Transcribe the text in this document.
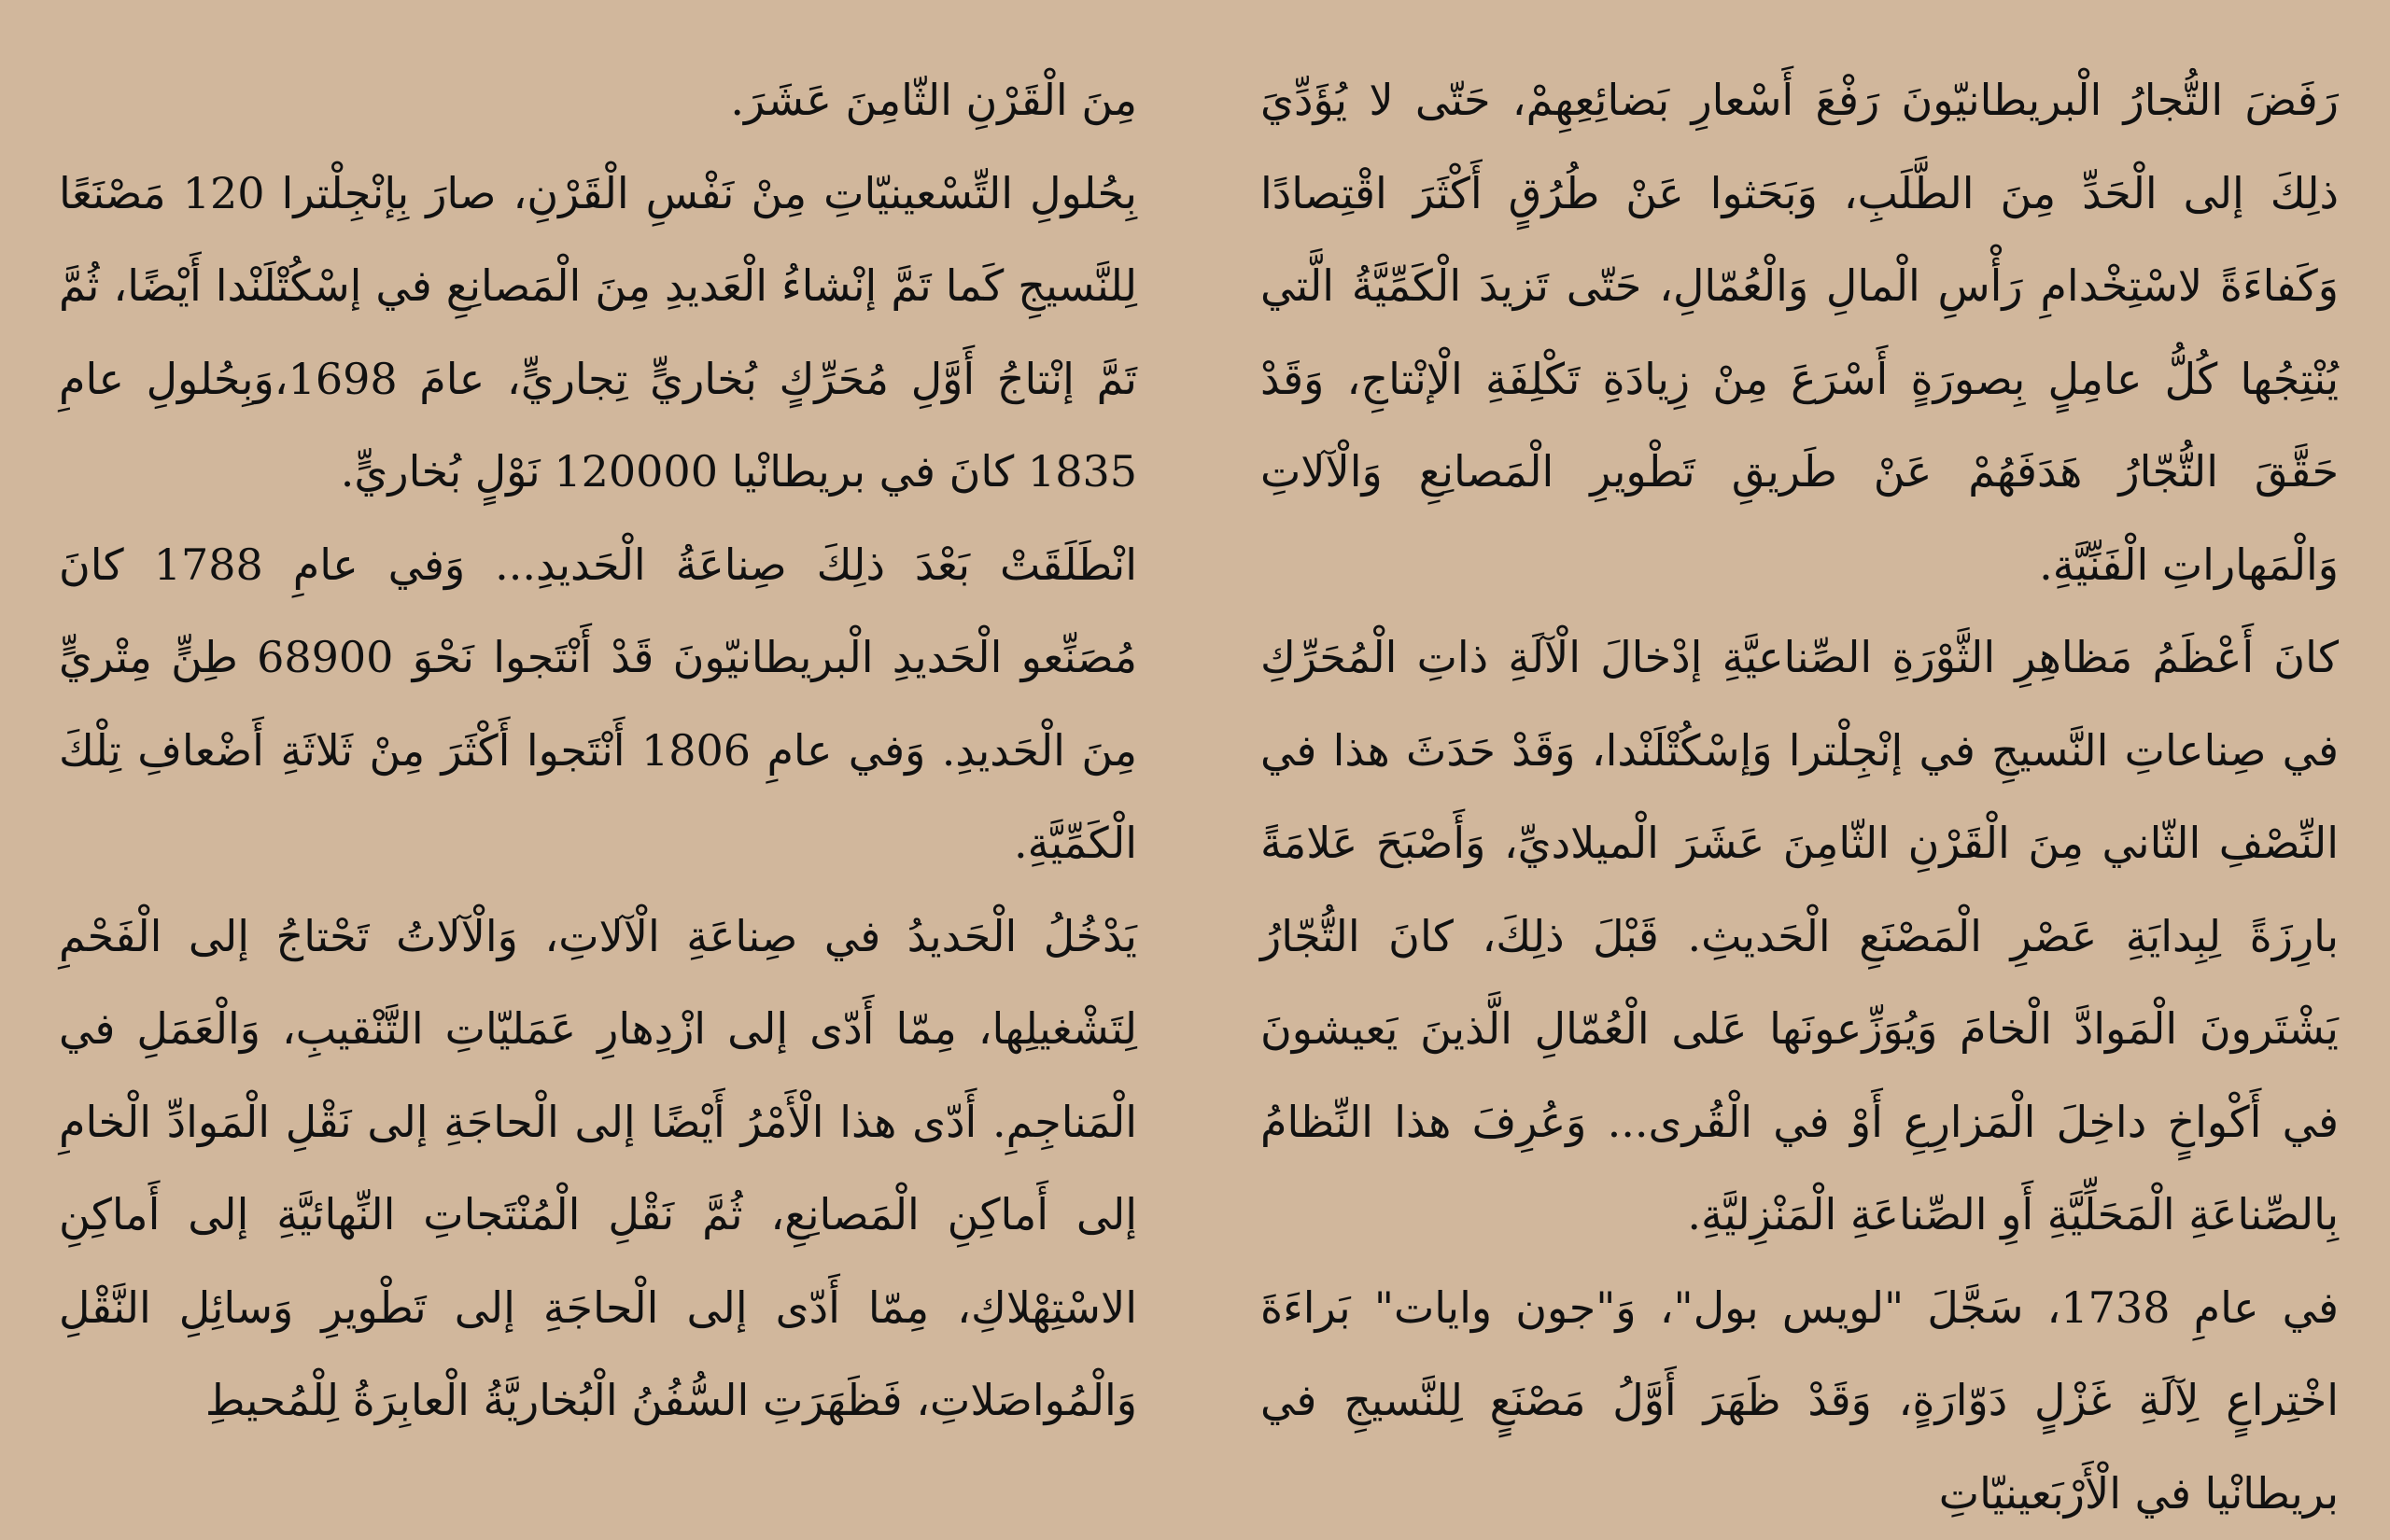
رَفَضَ التُّجارُ الْبريطانيّونَ رَفْعَ أَسْعارِ بَضائِعِهِمْ، حَتّى لا يُؤَدِّيَ ذلِكَ إلى الْحَدِّ مِنَ الطَّلَبِ، وَبَحَثوا عَنْ طُرُقٍ أَكْثَرَ اقْتِصادًا وَكَفاءَةً لاسْتِخْدامِ رَأْسِ الْمالِ وَالْعُمّالِ، حَتّى تَزيدَ الْكَمِّيَّةُ الَّتي يُنْتِجُها كُلُّ عامِلٍ بِصورَةٍ أَسْرَعَ مِنْ زِيادَةِ تَكْلِفَةِ الْإنْتاجِ، وَقَدْ حَقَّقَ التُّجّارُ هَدَفَهُمْ عَنْ طَريقِ تَطْويرِ الْمَصانِعِ وَالْآلاتِ وَالْمَهاراتِ الْفَنِّيَّةِ.

كانَ أَعْظَمُ مَظاهِرِ الثَّوْرَةِ الصِّناعيَّةِ إدْخالَ الْآلَةِ ذاتِ الْمُحَرِّكِ في صِناعاتِ النَّسيجِ في إنْجِلْترا وَإسْكُتْلَنْدا، وَقَدْ حَدَثَ هذا في النِّصْفِ الثّاني مِنَ الْقَرْنِ الثّامِنَ عَشَرَ الْميلاديِّ، وَأَصْبَحَ عَلامَةً بارِزَةً لِبِدايَةِ عَصْرِ الْمَصْنَعِ الْحَديثِ. قَبْلَ ذلِكَ، كانَ التُّجّارُ يَشْتَرونَ الْمَوادَّ الْخامَ وَيُوَزِّعونَها عَلى الْعُمّالِ الَّذينَ يَعيشونَ في أَكْواخٍ داخِلَ الْمَزارِعِ أَوْ في الْقُرى... وَعُرِفَ هذا النِّظامُ بِالصِّناعَةِ الْمَحَلِّيَّةِ أَوِ الصِّناعَةِ الْمَنْزِليَّةِ.

في عامِ 1738، سَجَّلَ "لويس بول"، وَ"جون وايات" بَراءَةَ اخْتِراعٍ لِآلَةِ غَزْلٍ دَوّارَةٍ، وَقَدْ ظَهَرَ أَوَّلُ مَصْنَعٍ لِلنَّسيجِ في بريطانْيا في الْأَرْبَعينيّاتِ

مِنَ الْقَرْنِ الثّامِنَ عَشَرَ.

بِحُلولِ التِّسْعينيّاتِ مِنْ نَفْسِ الْقَرْنِ، صارَ بِإنْجِلْترا 120 مَصْنَعًا لِلنَّسيجِ كَما تَمَّ إنْشاءُ الْعَديدِ مِنَ الْمَصانِعِ في إسْكُتْلَنْدا أَيْضًا، ثُمَّ تَمَّ إنْتاجُ أَوَّلِ مُحَرِّكٍ بُخاريٍّ تِجاريٍّ، عامَ 1698،وَبِحُلولِ عامِ 1835 كانَ في بريطانْيا 120000 نَوْلٍ بُخاريٍّ.

انْطَلَقَتْ بَعْدَ ذلِكَ صِناعَةُ الْحَديدِ... وَفي عامِ 1788 كانَ مُصَنِّعو الْحَديدِ الْبريطانيّونَ قَدْ أَنْتَجوا نَحْوَ 68900 طِنٍّ مِتْريٍّ مِنَ الْحَديدِ. وَفي عامِ 1806 أَنْتَجوا أَكْثَرَ مِنْ ثَلاثَةِ أَضْعافِ تِلْكَ الْكَمِّيَّةِ.

يَدْخُلُ الْحَديدُ في صِناعَةِ الْآلاتِ، وَالْآلاتُ تَحْتاجُ إلى الْفَحْمِ لِتَشْغيلِها، مِمّا أَدّى إلى ازْدِهارِ عَمَليّاتِ التَّنْقيبِ، وَالْعَمَلِ في الْمَناجِمِ. أَدّى هذا الْأَمْرُ أَيْضًا إلى الْحاجَةِ إلى نَقْلِ الْمَوادِّ الْخامِ إلى أَماكِنِ الْمَصانِعِ، ثُمَّ نَقْلِ الْمُنْتَجاتِ النِّهائيَّةِ إلى أَماكِنِ الاسْتِهْلاكِ، مِمّا أَدّى إلى الْحاجَةِ إلى تَطْويرِ وَسائِلِ النَّقْلِ وَالْمُواصَلاتِ، فَظَهَرَتِ السُّفُنُ الْبُخاريَّةُ الْعابِرَةُ لِلْمُحيطِ
